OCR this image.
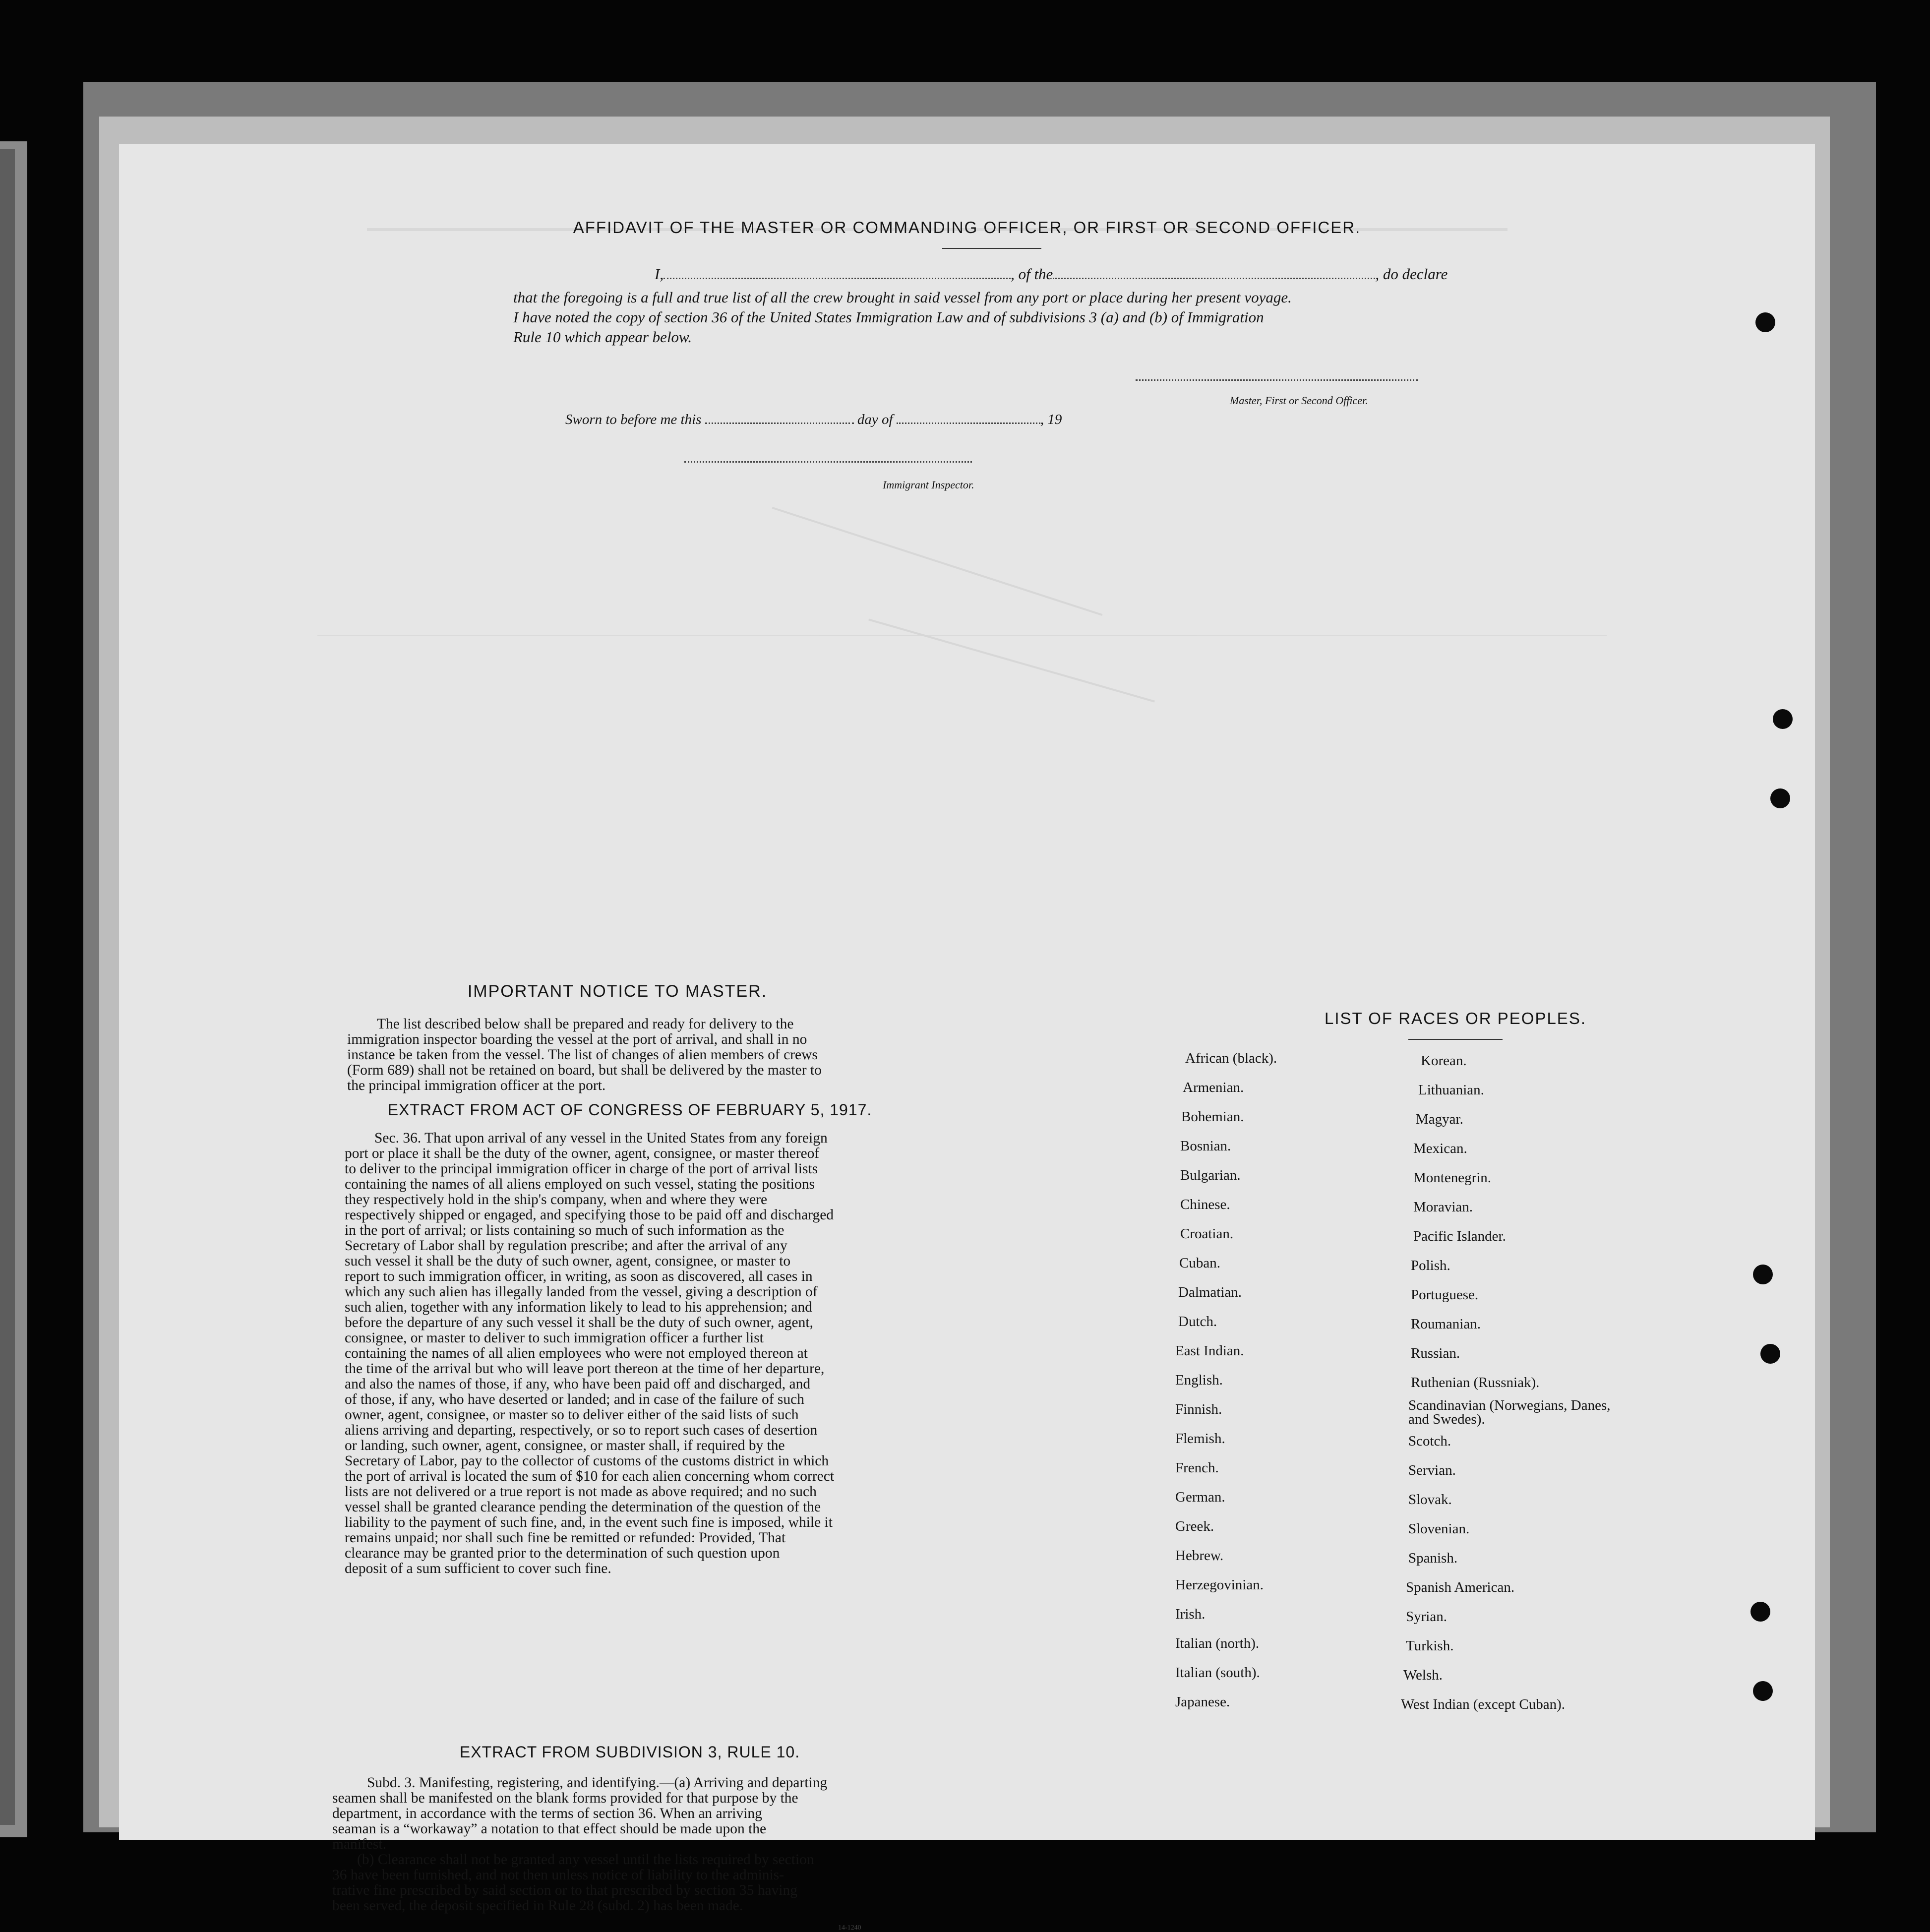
AFFIDAVIT OF THE MASTER OR COMMANDING OFFICER, OR FIRST OR SECOND OFFICER.
I,	, of the	, do declare
that the foregoing is a full and true list of all the crew brought in said vessel from any port or place during her present voyage.
I have noted the copy of section 36 of the United States Immigration Law and of subdivisions 3 (a) and (b) of Immigration
Rule 10 which appear below.
Master, First or Second Officer.
Sworn to before me this	day of	, 19
Immigrant Inspector.
IMPORTANT NOTICE TO MASTER.
The list described below shall be prepared and ready for delivery to the
immigration inspector boarding the vessel at the port of arrival, and shall in no
instance be taken from the vessel. The list of changes of alien members of crews
(Form 689) shall not be retained on board, but shall be delivered by the master to
the principal immigration officer at the port.
EXTRACT FROM ACT OF CONGRESS OF FEBRUARY 5, 1917.
Sec. 36. That upon arrival of any vessel in the United States from any foreign
port or place it shall be the duty of the owner, agent, consignee, or master thereof
to deliver to the principal immigration officer in charge of the port of arrival lists
containing the names of all aliens employed on such vessel, stating the positions
they respectively hold in the ship's company, when and where they were
respectively shipped or engaged, and specifying those to be paid off and discharged
in the port of arrival; or lists containing so much of such information as the
Secretary of Labor shall by regulation prescribe; and after the arrival of any
such vessel it shall be the duty of such owner, agent, consignee, or master to
report to such immigration officer, in writing, as soon as discovered, all cases in
which any such alien has illegally landed from the vessel, giving a description of
such alien, together with any information likely to lead to his apprehension; and
before the departure of any such vessel it shall be the duty of such owner, agent,
consignee, or master to deliver to such immigration officer a further list
containing the names of all alien employees who were not employed thereon at
the time of the arrival but who will leave port thereon at the time of her departure,
and also the names of those, if any, who have been paid off and discharged, and
of those, if any, who have deserted or landed; and in case of the failure of such
owner, agent, consignee, or master so to deliver either of the said lists of such
aliens arriving and departing, respectively, or so to report such cases of desertion
or landing, such owner, agent, consignee, or master shall, if required by the
Secretary of Labor, pay to the collector of customs of the customs district in which
the port of arrival is located the sum of $10 for each alien concerning whom correct
lists are not delivered or a true report is not made as above required; and no such
vessel shall be granted clearance pending the determination of the question of the
liability to the payment of such fine, and, in the event such fine is imposed, while it
remains unpaid; nor shall such fine be remitted or refunded: Provided, That
clearance may be granted prior to the determination of such question upon
deposit of a sum sufficient to cover such fine.
EXTRACT FROM SUBDIVISION 3, RULE 10.
Subd. 3. Manifesting, registering, and identifying.—(a) Arriving and departing
seamen shall be manifested on the blank forms provided for that purpose by the
department, in accordance with the terms of section 36. When an arriving
seaman is a “workaway” a notation to that effect should be made upon the
manifest.
(b) Clearance shall not be granted any vessel until the lists required by section
36 have been furnished, and not then unless notice of liability to the adminis-
trative fine prescribed by said section or to that prescribed by section 35 having
been served, the deposit specified in Rule 28 (subd. 2) has been made.
14-1240
LIST OF RACES OR PEOPLES.
African (black).
Armenian.
Bohemian.
Bosnian.
Bulgarian.
Chinese.
Croatian.
Cuban.
Dalmatian.
Dutch.
East Indian.
English.
Finnish.
Flemish.
French.
German.
Greek.
Hebrew.
Herzegovinian.
Irish.
Italian (north).
Italian (south).
Japanese.
Korean.
Lithuanian.
Magyar.
Mexican.
Montenegrin.
Moravian.
Pacific Islander.
Polish.
Portuguese.
Roumanian.
Russian.
Ruthenian (Russniak).
Scandinavian (Norwegians, Danes, and Swedes).
Scotch.
Servian.
Slovak.
Slovenian.
Spanish.
Spanish American.
Syrian.
Turkish.
Welsh.
West Indian (except Cuban).
